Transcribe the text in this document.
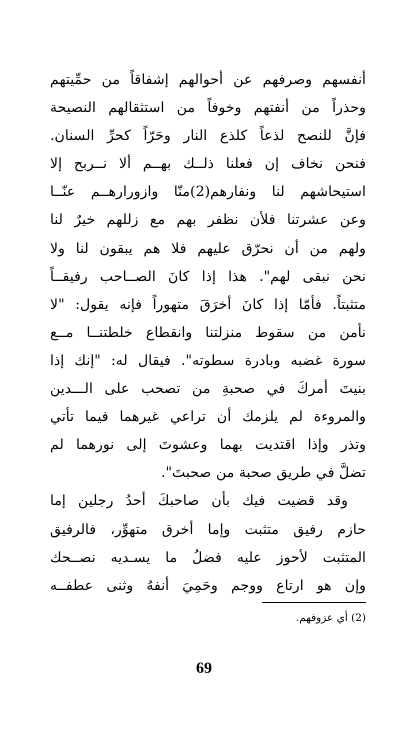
أنفسهم وصرفهم عن أحوالهم إشفاقاً من حمِّيتهم
وحذراً من أنفتهم وخوفاً من استثقالهم النصيحة
فإنَّ للنصح لذعاً كلذع النار وحَرّاً كحرِّ السنان.
فنحن نخاف إن فعلنا ذلــك بهــم ألا نــربح إلا
استيحاشهم لنا ونفارهم(2)منّا وازورارهــم عنّــا
وعن عشرتنا فلأن نظفر بهم مع زللهم خيرٌ لنا
ولهم من أن نحرّق عليهم فلا هم يبقون لنا ولا
نحن نبقى لهم". هذا إذا كانَ الصــاحب رفيقــاً
متثبتاً. فأمّا إذا كانَ أخرَقَ متهوراً فإنه يقول: "لا
نأمن من سقوط منزلتنا وانقطاع خلطتنــا مــع
سورة غضبه وبادرة سطوته". فيقال له: "إنك إذا
بنيتَ أمركَ في صحبةِ من تصحب على الـــدين
والمروءة لم يلزمك أن تراعي غيرهما فيما تأتي
وتذر وإذا اقتديت بهما وعشوتَ إلى نورهما لم
تضلَّ في طريق صحبة من صحبتَ".
وقد قضيت فيك بأن صاحبكَ أحدُ رجلين إما
حازم رفيق متثبت وإما أخرق متهوِّر، فالرفيق
المتثبت لأحوز عليه فضلُ ما يسـديه نصــحك
وإن هو ارتاع ووجم وحَمِيَ أنفهُ وثنى عطفــه
(2) أي عزوفهم.
69
